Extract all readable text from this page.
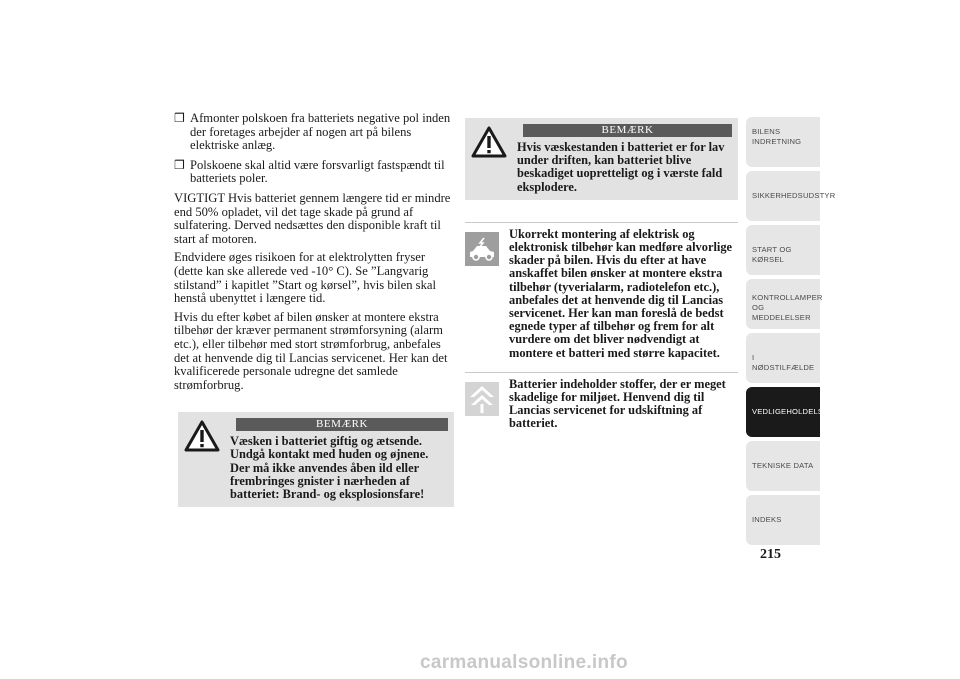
❒ Afmonter polskoen fra batteriets negative pol inden der foretages arbejder af nogen art på bilens elektriske anlæg.
❒ Polskoene skal altid være forsvarligt fastspændt til batteriets poler.

VIGTIGT Hvis batteriet gennem længere tid er mindre end 50% opladet, vil det tage skade på grund af sulfatering. Derved nedsættes den disponible kraft til start af motoren.

Endvidere øges risikoen for at elektrolytten fryser (dette kan ske allerede ved -10° C). Se ”Langvarig stilstand” i kapitlet ”Start og kørsel”, hvis bilen skal henstå ubenyttet i længere tid.

Hvis du efter købet af bilen ønsker at montere ekstra tilbehør der kræver permanent strømforsyning (alarm etc.), eller tilbehør med stort strømforbrug, anbefales det at henvende dig til Lancias servicenet. Her kan det kvalificerede personale udregne det samlede strømforbrug.

BEMÆRK
Væsken i batteriet giftig og ætsende. Undgå kontakt med huden og øjnene. Der må ikke anvendes åben ild eller frembringes gnister i nærheden af batteriet: Brand- og eksplosionsfare!
BEMÆRK
Hvis væskestanden i batteriet er for lav under driften, kan batteriet blive beskadiget uopretteligt og i værste fald eksplodere.
Ukorrekt montering af elektrisk og elektronisk tilbehør kan medføre alvorlige skader på bilen. Hvis du efter at have anskaffet bilen ønsker at montere ekstra tilbehør (tyverialarm, radiotelefon etc.), anbefales det at henvende dig til Lancias servicenet. Her kan man foreslå de bedst egnede typer af tilbehør og frem for alt vurdere om det bliver nødvendigt at montere et batteri med større kapacitet.
Batterier indeholder stoffer, der er meget skadelige for miljøet. Henvend dig til Lancias servicenet for udskiftning af batteriet.
BILENS
INDRETNING
SIKKERHEDSUDSTYR
START OG KØRSEL
KONTROLLAMPER
OG MEDDELELSER
I NØDSTILFÆLDE
VEDLIGEHOLDELSE
TEKNISKE DATA
INDEKS
215
carmanualsonline.info
